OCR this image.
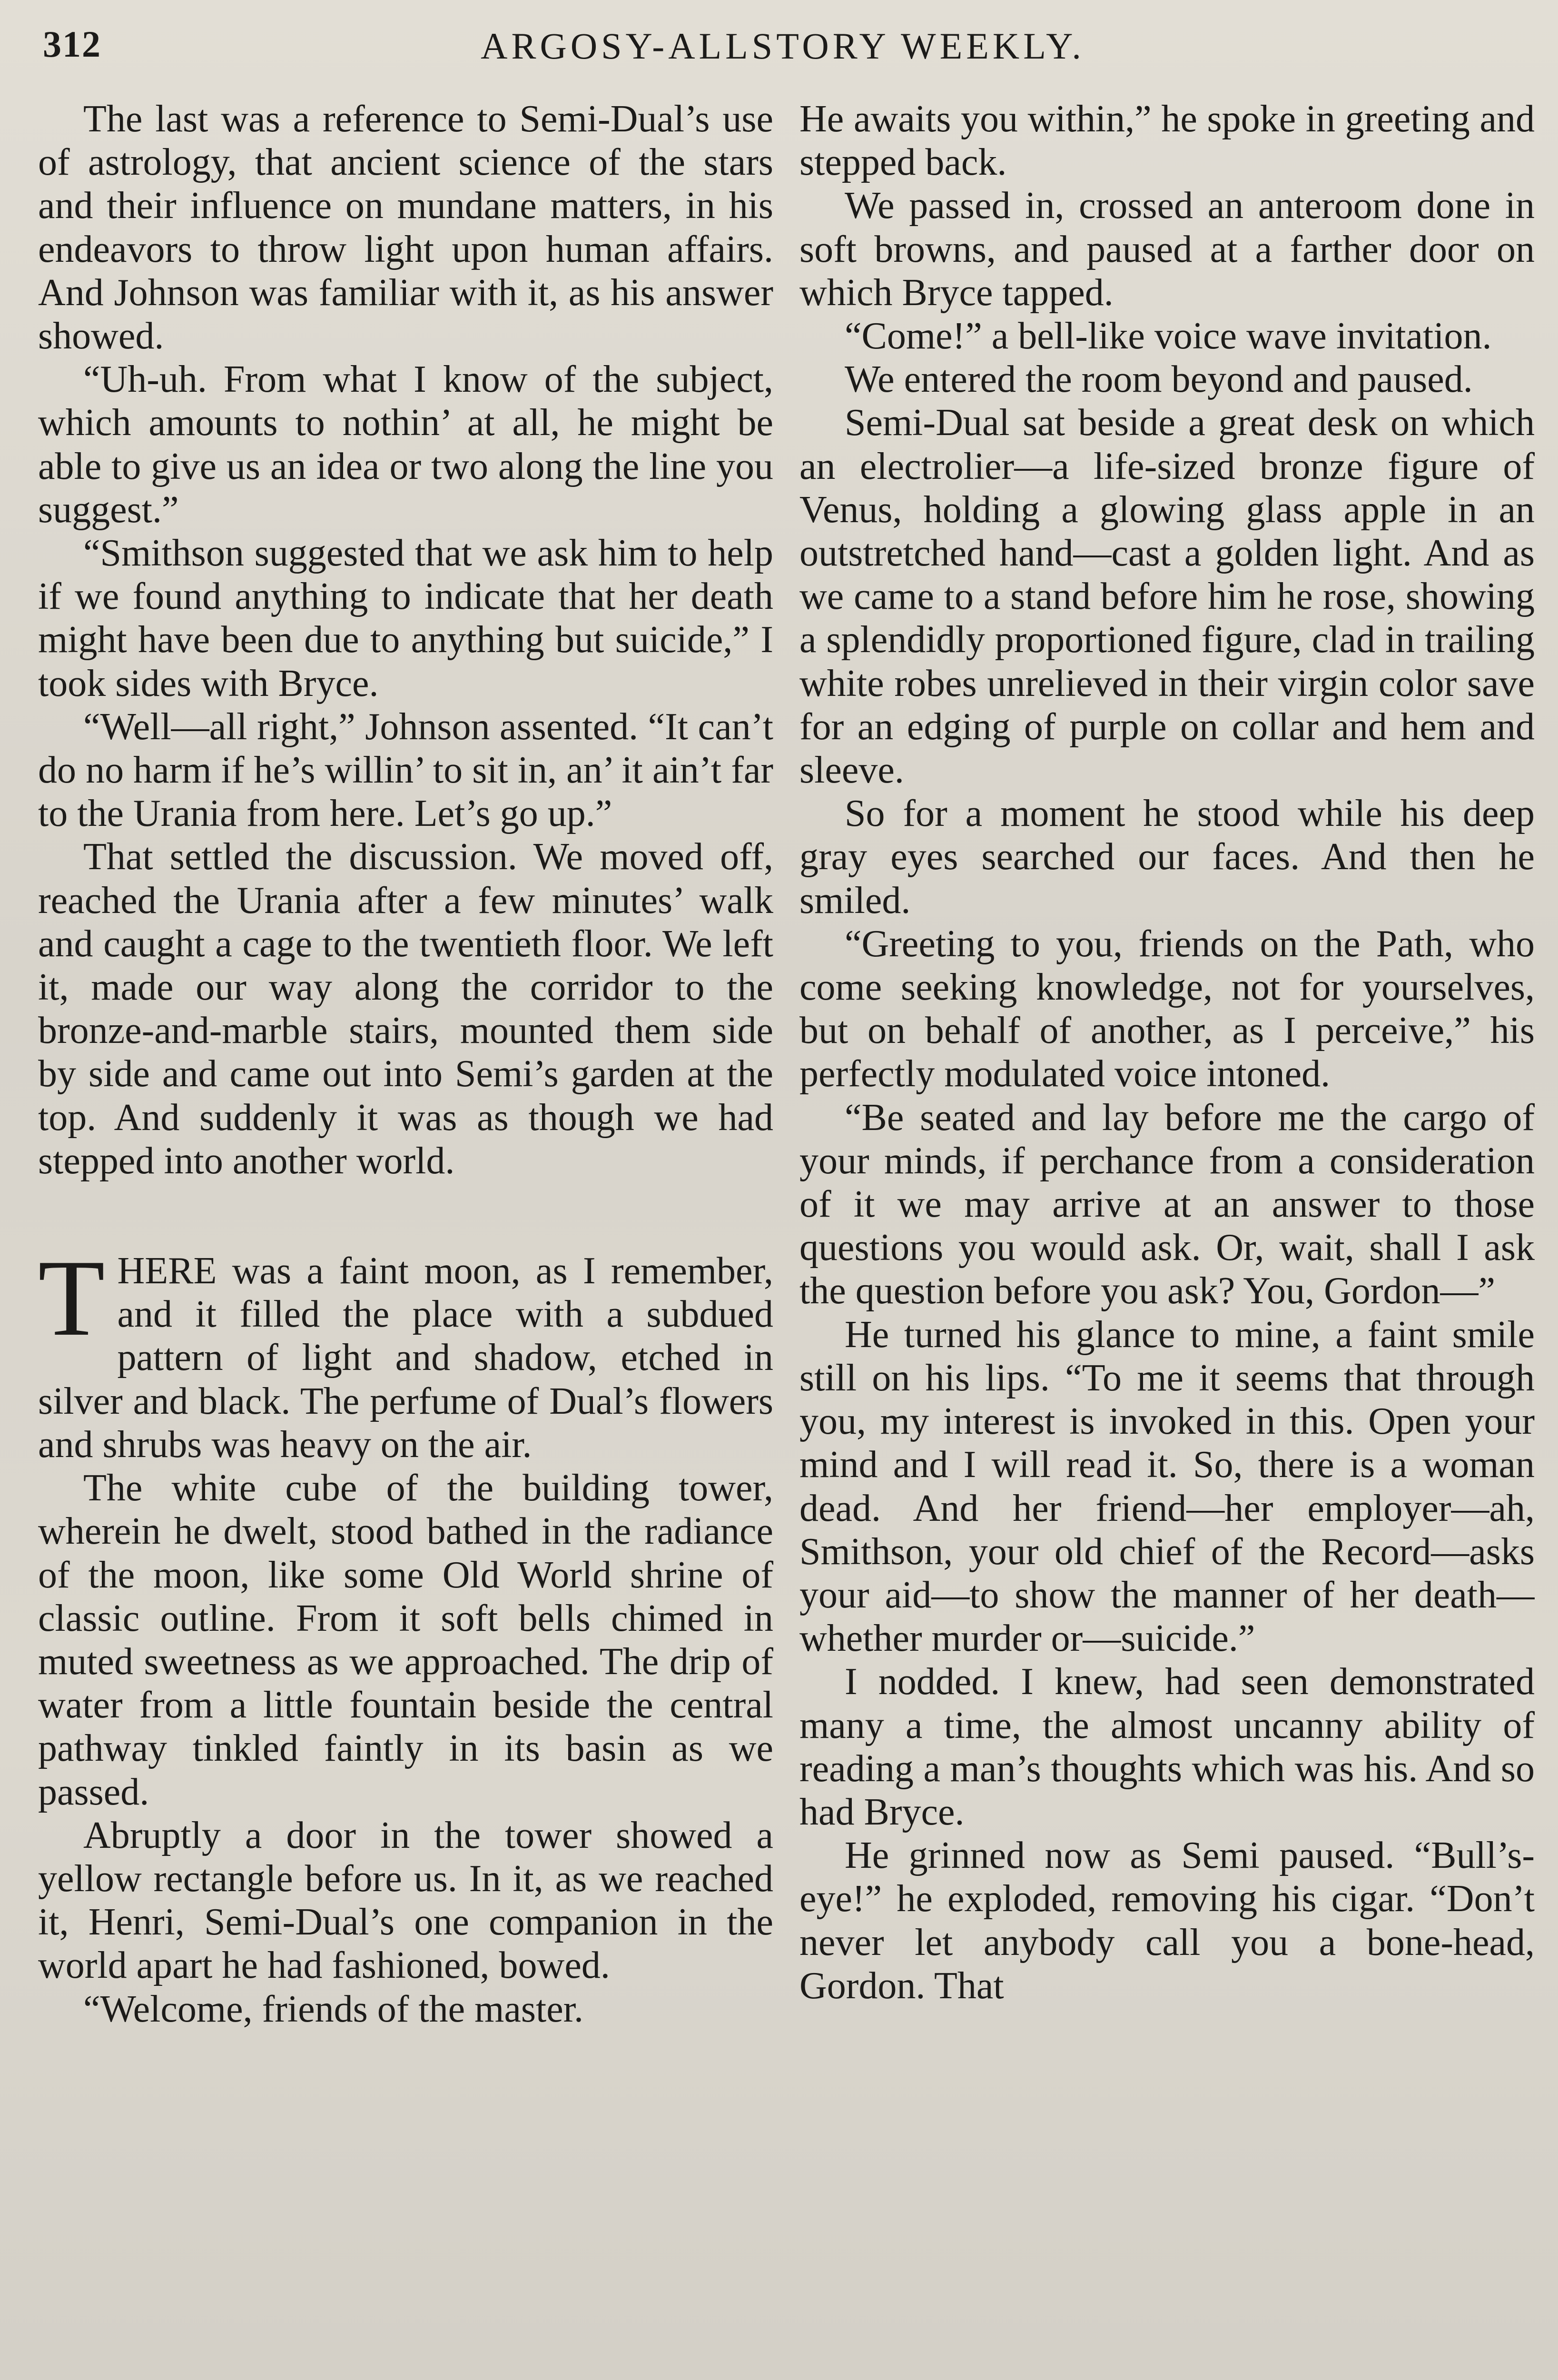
312	ARGOSY-ALLSTORY WEEKLY.

The last was a reference to Semi-Dual’s use of astrology, that ancient science of the stars and their influence on mundane matters, in his endeavors to throw light upon human affairs. And Johnson was familiar with it, as his answer showed.

“Uh-uh. From what I know of the subject, which amounts to nothin’ at all, he might be able to give us an idea or two along the line you suggest.”

“Smithson suggested that we ask him to help if we found anything to indicate that her death might have been due to anything but suicide,” I took sides with Bryce.

“Well—all right,” Johnson assented. “It can’t do no harm if he’s willin’ to sit in, an’ it ain’t far to the Urania from here. Let’s go up.”

That settled the discussion. We moved off, reached the Urania after a few minutes’ walk and caught a cage to the twentieth floor. We left it, made our way along the corridor to the bronze-and-marble stairs, mounted them side by side and came out into Semi’s garden at the top. And suddenly it was as though we had stepped into another world.

THERE was a faint moon, as I remember, and it filled the place with a subdued pattern of light and shadow, etched in silver and black. The perfume of Dual’s flowers and shrubs was heavy on the air.

The white cube of the building tower, wherein he dwelt, stood bathed in the radiance of the moon, like some Old World shrine of classic outline. From it soft bells chimed in muted sweetness as we approached. The drip of water from a little fountain beside the central pathway tinkled faintly in its basin as we passed.

Abruptly a door in the tower showed a yellow rectangle before us. In it, as we reached it, Henri, Semi-Dual’s one companion in the world apart he had fashioned, bowed.

“Welcome, friends of the master.

He awaits you within,” he spoke in greeting and stepped back.

We passed in, crossed an anteroom done in soft browns, and paused at a farther door on which Bryce tapped.

“Come!” a bell-like voice wave invitation.

We entered the room beyond and paused.

Semi-Dual sat beside a great desk on which an electrolier—a life-sized bronze figure of Venus, holding a glowing glass apple in an outstretched hand—cast a golden light. And as we came to a stand before him he rose, showing a splendidly proportioned figure, clad in trailing white robes unrelieved in their virgin color save for an edging of purple on collar and hem and sleeve.

So for a moment he stood while his deep gray eyes searched our faces. And then he smiled.

“Greeting to you, friends on the Path, who come seeking knowledge, not for yourselves, but on behalf of another, as I perceive,” his perfectly modulated voice intoned.

“Be seated and lay before me the cargo of your minds, if perchance from a consideration of it we may arrive at an answer to those questions you would ask. Or, wait, shall I ask the question before you ask? You, Gordon—”

He turned his glance to mine, a faint smile still on his lips. “To me it seems that through you, my interest is invoked in this. Open your mind and I will read it. So, there is a woman dead. And her friend—her employer—ah, Smithson, your old chief of the Record—asks your aid—to show the manner of her death—whether murder or—suicide.”

I nodded. I knew, had seen demonstrated many a time, the almost uncanny ability of reading a man’s thoughts which was his. And so had Bryce.

He grinned now as Semi paused. “Bull’s-eye!” he exploded, removing his cigar. “Don’t never let anybody call you a bone-head, Gordon. That
